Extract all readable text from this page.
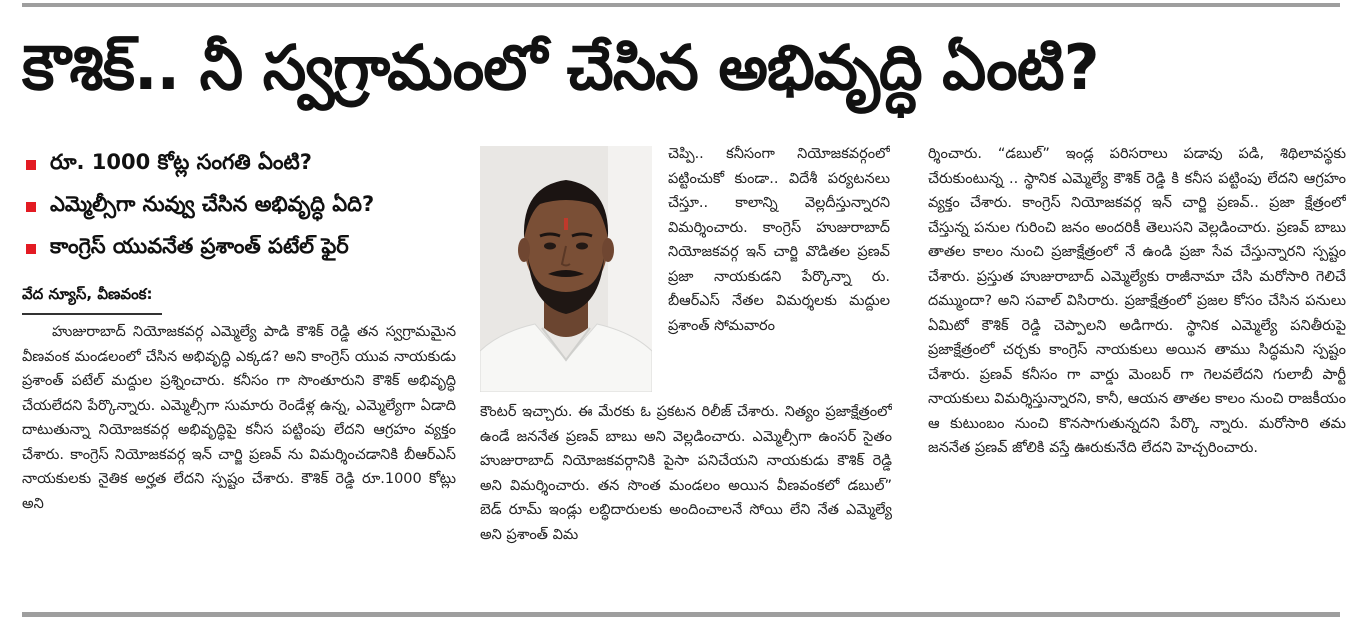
కౌశిక్.. నీ స్వగ్రామంలో చేసిన అభివృద్ధి ఏంటి?
రూ. 1000 కోట్ల సంగతి ఏంటి?
ఎమ్మెల్సీగా నువ్వు చేసిన అభివృద్ధి ఏది?
కాంగ్రెస్ యువనేత ప్రశాంత్ పటేల్ ఫైర్
వేద న్యూస్, వీణవంక:

హుజురాబాద్ నియోజకవర్గ ఎమ్మెల్యే పాడి కౌశిక్ రెడ్డి తన స్వగ్రామమైన వీణవంక మండలంలో చేసిన అభివృద్ధి ఎక్కడ? అని కాంగ్రెస్ యువ నాయకుడు ప్రశాంత్ పటేల్ మద్దుల ప్రశ్నించారు. కనీసం గా సొంతూరుని కౌశిక్ అభివృద్ధి చేయలేదని పేర్కొన్నారు. ఎమ్మెల్సీగా సుమారు రెండేళ్ల ఉన్న, ఎమ్మెల్యేగా ఏడాది దాటుతున్నా నియోజకవర్గ అభివృద్ధిపై కనీస పట్టింపు లేదని ఆగ్రహం వ్యక్తం చేశారు. కాంగ్రెస్ నియోజకవర్గ ఇన్ చార్జి ప్రణవ్ ను విమర్శించడానికి బీఆర్ఎస్ నాయకులకు నైతిక అర్హత లేదని స్పష్టం చేశారు. కౌశిక్ రెడ్డి రూ.1000 కోట్లు అని

చెప్పి.. కనీసంగా నియోజకవర్గంలో పట్టించుకో కుండా.. విదేశీ పర్యటనలు చేస్తూ.. కాలాన్ని వెల్లదీస్తున్నారని విమర్శించారు. కాంగ్రెస్ హుజురాబాద్ నియోజకవర్గ ఇన్ చార్జి వొడితల ప్రణవ్ ప్రజా నాయకుడని పేర్కొన్నా రు. బీఆర్ఎస్ నేతల విమర్శలకు మద్దుల ప్రశాంత్ సోమవారం

కౌంటర్ ఇచ్చారు. ఈ మేరకు ఓ ప్రకటన రిలీజ్ చేశారు. నిత్యం ప్రజాక్షేత్రంలో ఉండే జననేత ప్రణవ్ బాబు అని వెల్లడించారు. ఎమ్మెల్సీగా ఉంసర్ సైతం హుజురాబాద్ నియోజకవర్గానికి పైసా పనిచేయని నాయకుడు కౌశిక్ రెడ్డి అని విమర్శించారు. తన సొంత మండలం అయిన వీణవంకలో డబుల్” బెడ్ రూమ్ ఇండ్లు లబ్ధిదారులకు అందించాలనే సోయి లేని నేత ఎమ్మెల్యే అని ప్రశాంత్ విమ

ర్శించారు. “డబుల్” ఇండ్ల పరిసరాలు పడావు పడి, శిథిలావస్థకు చేరుకుంటున్న .. స్థానిక ఎమ్మెల్యే కౌశిక్ రెడ్డి కి కనీస పట్టింపు లేదని ఆగ్రహం వ్యక్తం చేశారు. కాంగ్రెస్ నియోజకవర్గ ఇన్ చార్జి ప్రణవ్.. ప్రజా క్షేత్రంలో చేస్తున్న పనుల గురించి జనం అందరికీ తెలుసని వెల్లడించారు. ప్రణవ్ బాబు తాతల కాలం నుంచి ప్రజాక్షేత్రంలో నే ఉండి ప్రజా సేవ చేస్తున్నారని స్పష్టం చేశారు. ప్రస్తుత హుజురాబాద్ ఎమ్మెల్యేకు రాజీనామా చేసి మరోసారి గెలిచే దమ్ముందా? అని సవాల్ విసిరారు. ప్రజాక్షేత్రంలో ప్రజల కోసం చేసిన పనులు ఏమిటో కౌశిక్ రెడ్డి చెప్పాలని అడిగారు. స్థానిక ఎమ్మెల్యే పనితీరుపై ప్రజాక్షేత్రంలో చర్చకు కాంగ్రెస్ నాయకులు అయిన తాము సిద్ధమని స్పష్టం చేశారు. ప్రణవ్ కనీసం గా వార్డు మెంబర్ గా గెలవలేదని గులాబీ పార్టీ నాయకులు విమర్శిస్తున్నారని, కానీ, ఆయన తాతల కాలం నుంచి రాజకీయం ఆ కుటుంబం నుంచి కొనసాగుతున్నదని పేర్కొ న్నారు. మరోసారి తమ జననేత ప్రణవ్ జోలికి వస్తే ఊరుకునేది లేదని హెచ్చరించారు.
